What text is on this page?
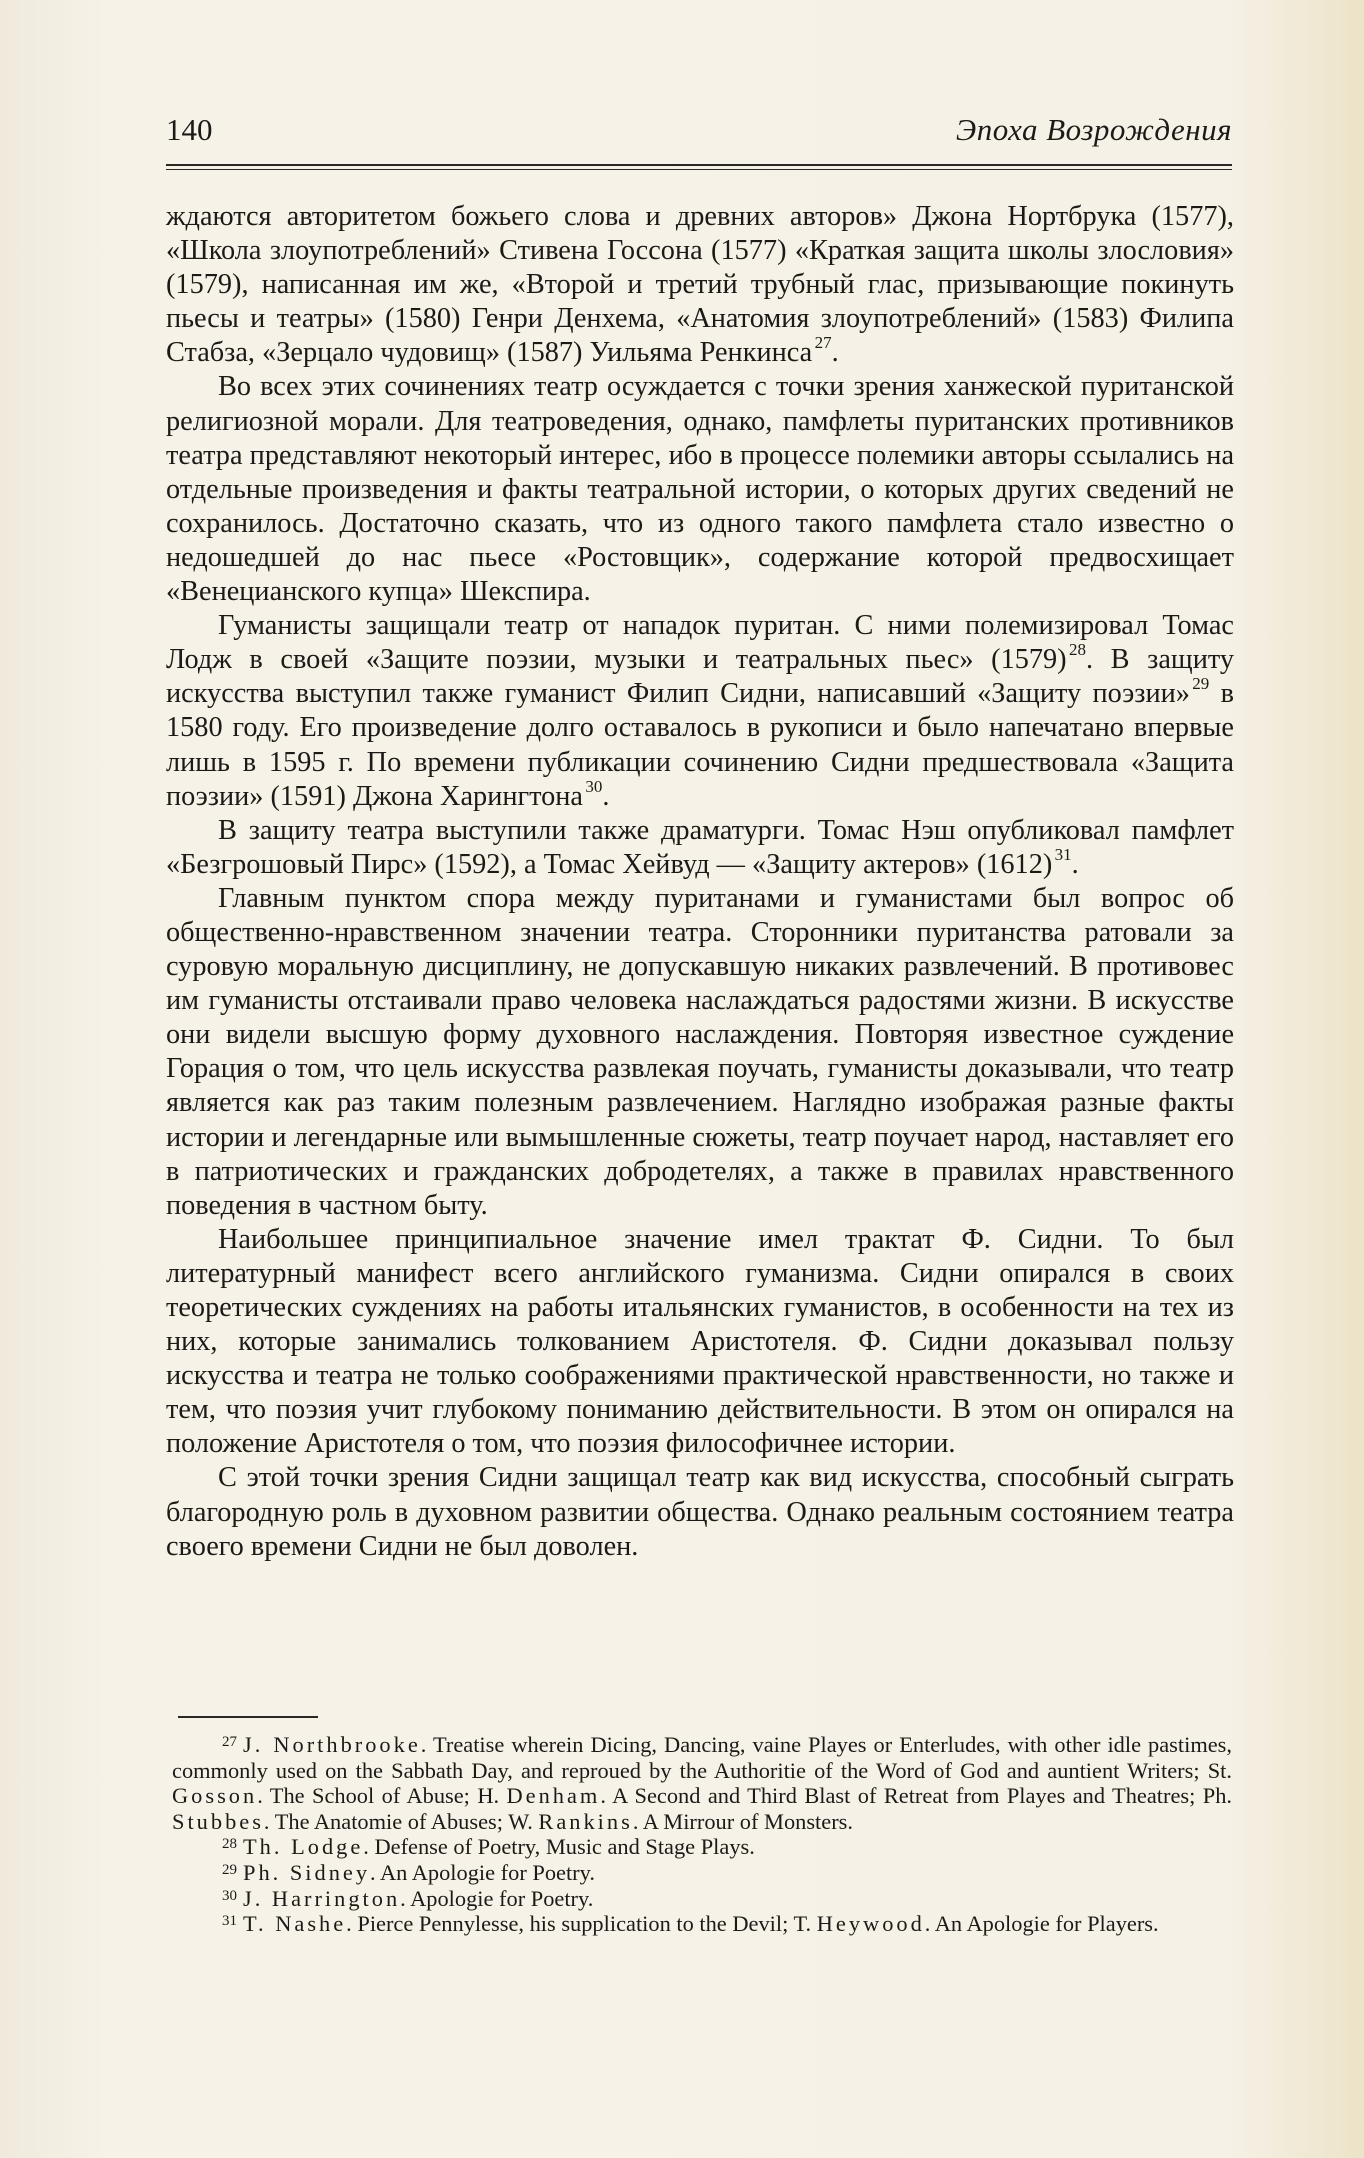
140	Эпоха Возрождения

ждаются авторитетом божьего слова и древних авторов» Джона Нортбрука (1577), «Школа злоупотреблений» Стивена Госсона (1577) «Краткая защита школы злословия» (1579), написанная им же, «Второй и третий трубный глас, призывающие покинуть пьесы и театры» (1580) Генри Денхема, «Анатомия злоупотреблений» (1583) Филипа Стабза, «Зерцало чудовищ» (1587) Уильяма Ренкинса  $^{27}$.

Во всех этих сочинениях театр осуждается с точки зрения ханжеской пуританской религиозной морали. Для театроведения, однако, памфлеты пуританских противников театра представляют некоторый интерес, ибо в процессе полемики авторы ссылались на отдельные произведения и факты театральной истории, о которых других сведений не сохранилось. Достаточно сказать, что из одного такого памфлета стало известно о недошедшей до нас пьесе «Ростовщик», содержание которой предвосхищает «Венецианского купца» Шекспира.

Гуманисты защищали театр от нападок пуритан. С ними полемизировал Томас Лодж в своей «Защите поэзии, музыки и театральных пьес» (1579)  $^{28}$. В защиту искусства выступил также гуманист Филип Сидни, написавший «Защиту поэзии»  $^{29}$ в 1580 году. Его произведение долго оставалось в рукописи и было напечатано впервые лишь в 1595 г. По времени публикации сочинению Сидни предшествовала «Защита поэзии» (1591) Джона Харингтона  $^{30}$.

В защиту театра выступили также драматурги. Томас Нэш опубликовал памфлет «Безгрошовый Пирс» (1592), а Томас Хейвуд — «Защиту актеров» (1612)  $^{31}$.

Главным пунктом спора между пуританами и гуманистами был вопрос об общественно-нравственном значении театра. Сторонники пуританства ратовали за суровую моральную дисциплину, не допускавшую никаких развлечений. В противовес им гуманисты отстаивали право человека наслаждаться радостями жизни. В искусстве они видели высшую форму духовного наслаждения. Повторяя известное суждение Горация о том, что цель искусства развлекая поучать, гуманисты доказывали, что театр является как раз таким полезным развлечением. Наглядно изображая разные факты истории и легендарные или вымышленные сюжеты, театр поучает народ, наставляет его в патриотических и гражданских добродетелях, а также в правилах нравственного поведения в частном быту.

Наибольшее принципиальное значение имел трактат Ф. Сидни. То был литературный манифест всего английского гуманизма. Сидни опирался в своих теоретических суждениях на работы итальянских гуманистов, в особенности на тех из них, которые занимались толкованием Аристотеля. Ф. Сидни доказывал пользу искусства и театра не только соображениями практической нравственности, но также и тем, что поэзия учит глубокому пониманию действительности. В этом он опирался на положение Аристотеля о том, что поэзия философичнее истории.

С этой точки зрения Сидни защищал театр как вид искусства, способный сыграть благородную роль в духовном развитии общества. Однако реальным состоянием театра своего времени Сидни не был доволен.

$^{27}$ J. Northbrooke. Treatise wherein Dicing, Dancing, vaine Playes or Enterludes, with other idle pastimes, commonly used on the Sabbath Day, and reproued by the Authoritie of the Word of God and auntient Writers; St. Gosson. The School of Abuse; H. Denham. A Second and Third Blast of Retreat from Playes and Theatres; Ph. Stubbes. The Anatomie of Abuses; W. Rankins. A Mirrour of Monsters.

$^{28}$ Th. Lodge. Defense of Poetry, Music and Stage Plays.

$^{29}$ Ph. Sidney. An Apologie for Poetry.

$^{30}$ J. Harrington. Apologie for Poetry.

$^{31}$ T. Nashe. Pierce Pennylesse, his supplication to the Devil; T. Heywood. An Apologie for Players.
